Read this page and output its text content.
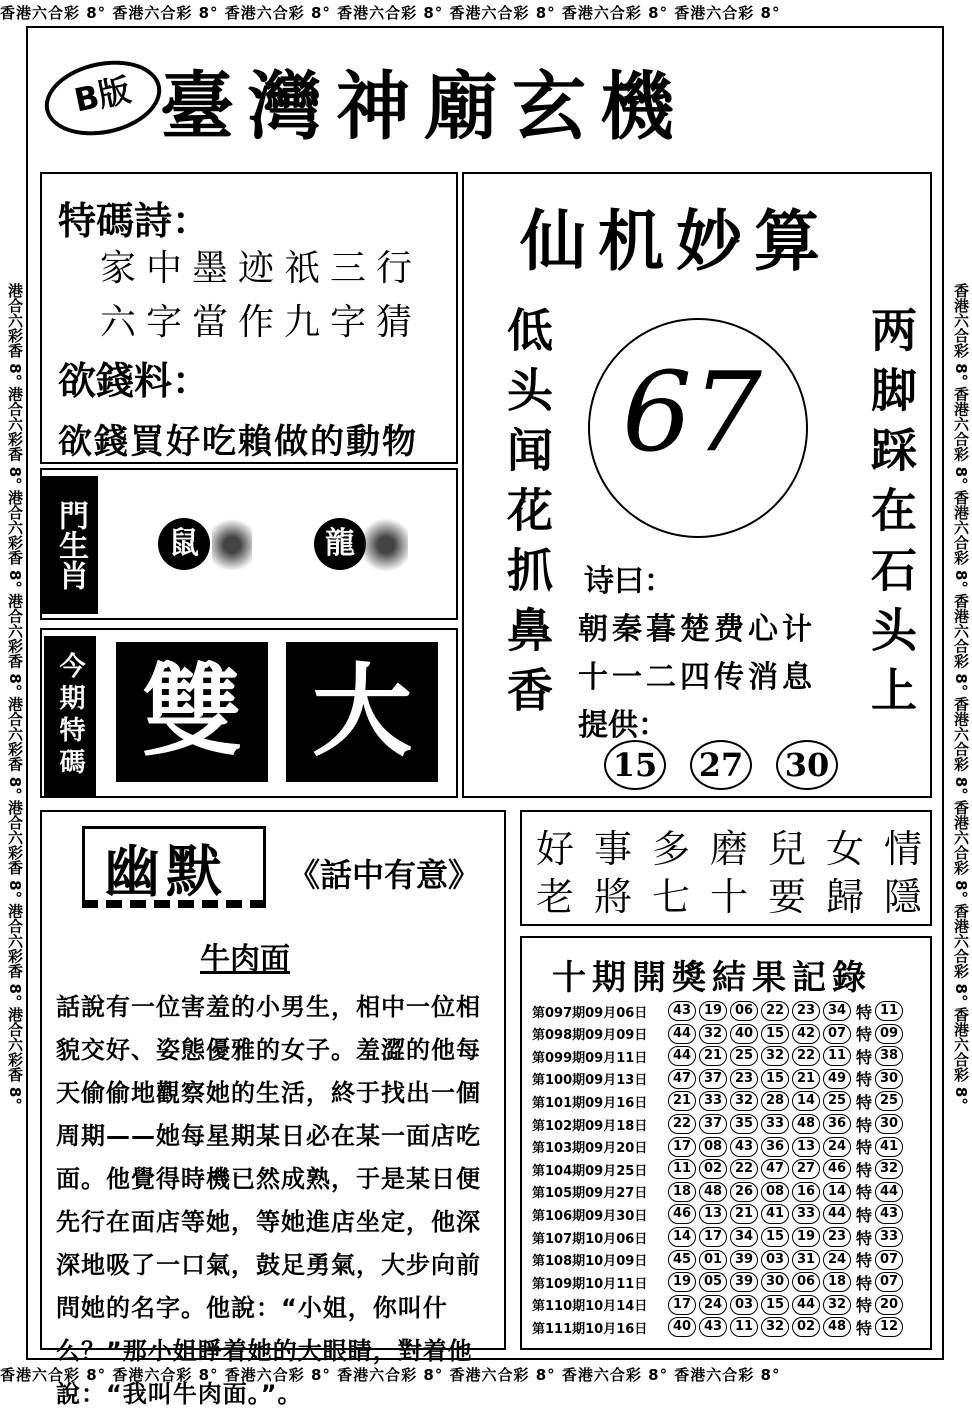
香港六合彩 8° 香港六合彩 8° 香港六合彩 8° 香港六合彩 8° 香港六合彩 8° 香港六合彩 8° 香港六合彩 8°
香港六合彩 8° 香港六合彩 8° 香港六合彩 8° 香港六合彩 8° 香港六合彩 8° 香港六合彩 8° 香港六合彩 8°
港合六彩香 8° 港合六彩香 8° 港合六彩香 8° 港合六彩香 8° 港合六彩香 8° 港合六彩香 8° 港合六彩香 8° 港合六彩香 8°	香港六合彩 8° 香港六合彩 8° 香港六合彩 8° 香港六合彩 8° 香港六合彩 8° 香港六合彩 8° 香港六合彩 8° 香港六合彩 8°
B版 臺灣神廟玄機
特碼詩：
家中墨迹祇三行
六字當作九字猜
欲錢料：
欲錢買好吃賴做的動物
門生肖	鼠	龍
今期特碼 雙 大
仙机妙算
低头闻花抓鼻香	两脚踩在石头上
67
诗曰：
朝秦暮楚费心计
十一二四传消息
提供：
15 27 30
好事多磨兒女情
老將七十要歸隱
幽默 《話中有意》
牛肉面
話說有一位害羞的小男生，相中一位相貌交好、姿態優雅的女子。羞澀的他每天偷偷地觀察她的生活，終于找出一個周期——她每星期某日必在某一面店吃面。他覺得時機已然成熟，于是某日便先行在面店等她，等她進店坐定，他深深地吸了一口氣，鼓足勇氣，大步向前問她的名字。他說：“小姐，你叫什么？”那小姐睜着她的大眼睛，對着他說：“我叫牛肉面。”。
十期開獎結果記錄
第097期09月06日	43 19 06 22 23 34 特 11
第098期09月09日	44 32 40 15 42 07 特 09
第099期09月11日	44 21 25 32 22 11 特 38
第100期09月13日	47 37 23 15 21 49 特 30
第101期09月16日	21 33 32 28 14 25 特 25
第102期09月18日	22 37 35 33 48 36 特 30
第103期09月20日	17 08 43 36 13 24 特 41
第104期09月25日	11 02 22 47 27 46 特 32
第105期09月27日	18 48 26 08 16 14 特 44
第106期09月30日	46 13 21 41 33 44 特 43
第107期10月06日	14 17 34 15 19 23 特 33
第108期10月09日	45 01 39 03 31 24 特 07
第109期10月11日	19 05 39 30 06 18 特 07
第110期10月14日	17 24 03 15 44 32 特 20
第111期10月16日	40 43 11 32 02 48 特 12
